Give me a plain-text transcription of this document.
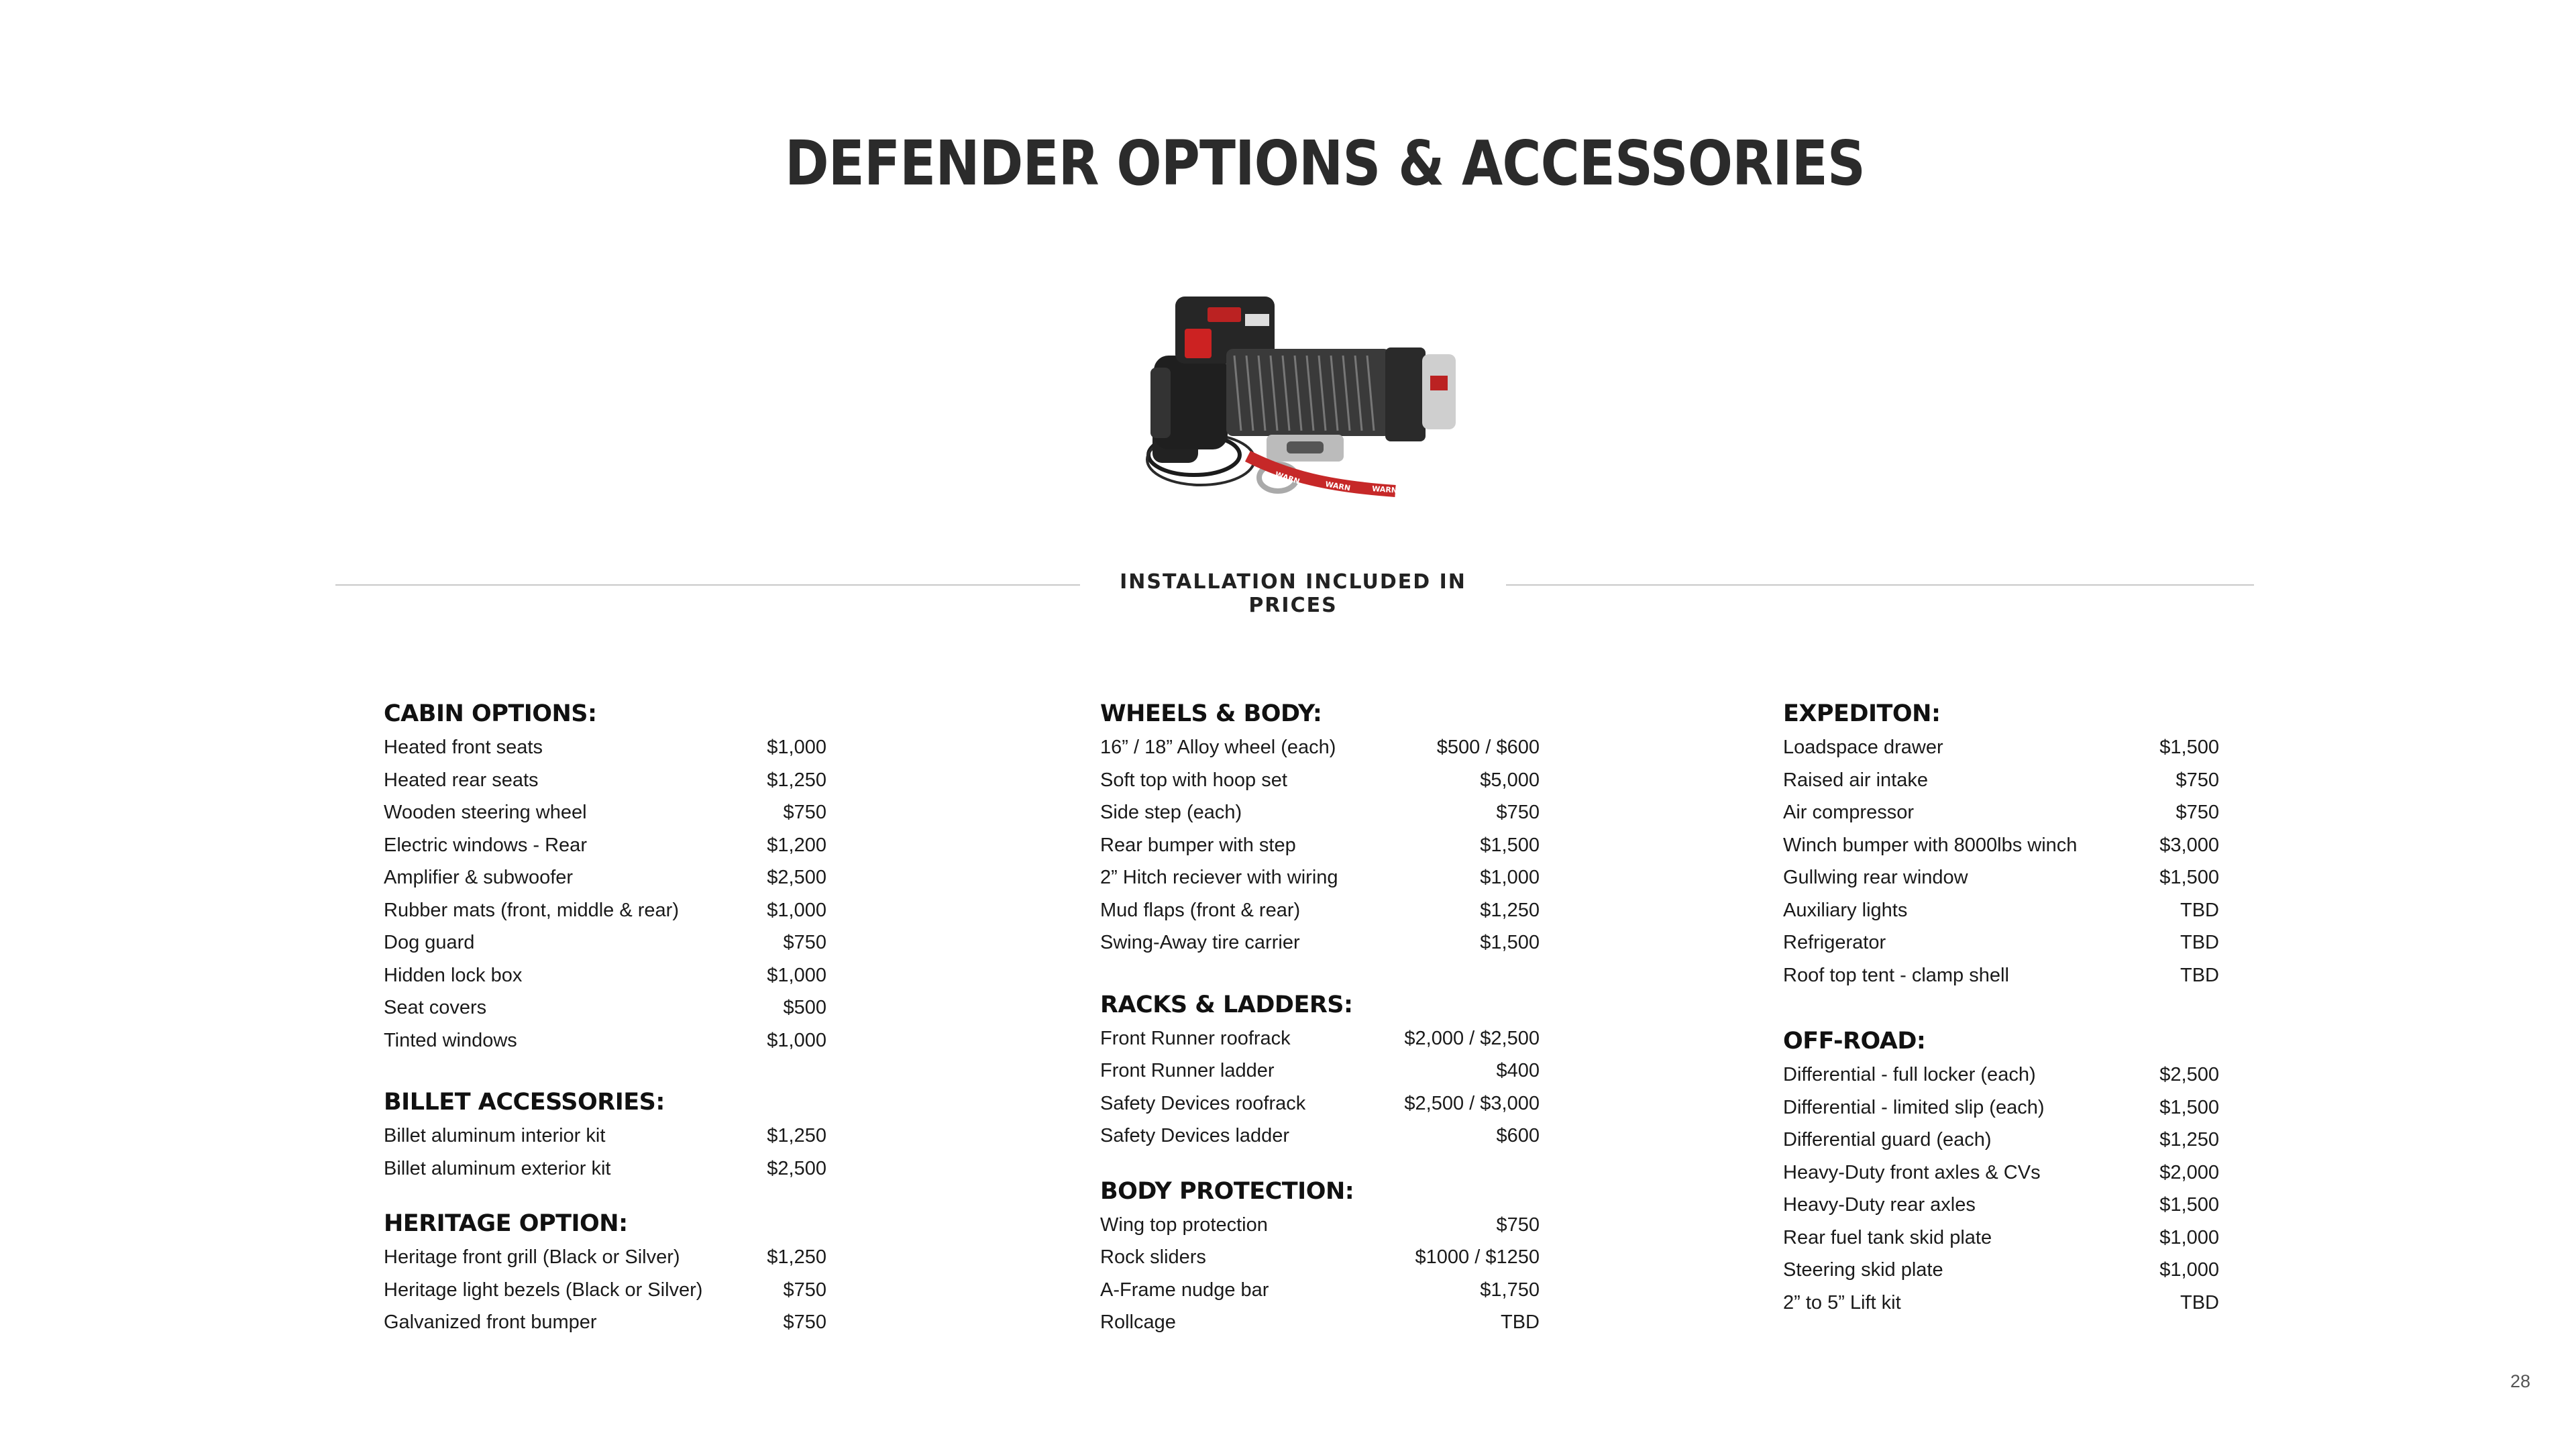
DEFENDER OPTIONS & ACCESSORIES
WARN
WARN	WARN
INSTALLATION INCLUDED IN PRICES
CABIN OPTIONS:
Heated front seats	$1,000
Heated rear seats	$1,250
Wooden steering wheel	$750
Electric windows - Rear	$1,200
Amplifier & subwoofer	$2,500
Rubber mats (front, middle & rear)	$1,000
Dog guard	$750
Hidden lock box	$1,000
Seat covers	$500
Tinted windows	$1,000
BILLET ACCESSORIES:
Billet aluminum interior kit	$1,250
Billet aluminum exterior kit	$2,500
HERITAGE OPTION:
Heritage front grill (Black or Silver)	$1,250
Heritage light bezels (Black or Silver)	$750
Galvanized front bumper	$750
WHEELS & BODY:
16” / 18” Alloy wheel (each)	$500 / $600
Soft top with hoop set	$5,000
Side step (each)	$750
Rear bumper with step	$1,500
2” Hitch reciever with wiring	$1,000
Mud flaps (front & rear)	$1,250
Swing-Away tire carrier	$1,500
RACKS & LADDERS:
Front Runner roofrack	$2,000 / $2,500
Front Runner ladder	$400
Safety Devices roofrack	$2,500 / $3,000
Safety Devices ladder	$600
BODY PROTECTION:
Wing top protection	$750
Rock sliders	$1000 / $1250
A-Frame nudge bar	$1,750
Rollcage	TBD
EXPEDITON:
Loadspace drawer	$1,500
Raised air intake	$750
Air compressor	$750
Winch bumper with 8000lbs winch	$3,000
Gullwing rear window	$1,500
Auxiliary lights	TBD
Refrigerator	TBD
Roof top tent - clamp shell	TBD
OFF-ROAD:
Differential - full locker (each)	$2,500
Differential - limited slip (each)	$1,500
Differential guard (each)	$1,250
Heavy-Duty front axles & CVs	$2,000
Heavy-Duty rear axles	$1,500
Rear fuel tank skid plate	$1,000
Steering skid plate	$1,000
2” to 5” Lift kit	TBD
28
